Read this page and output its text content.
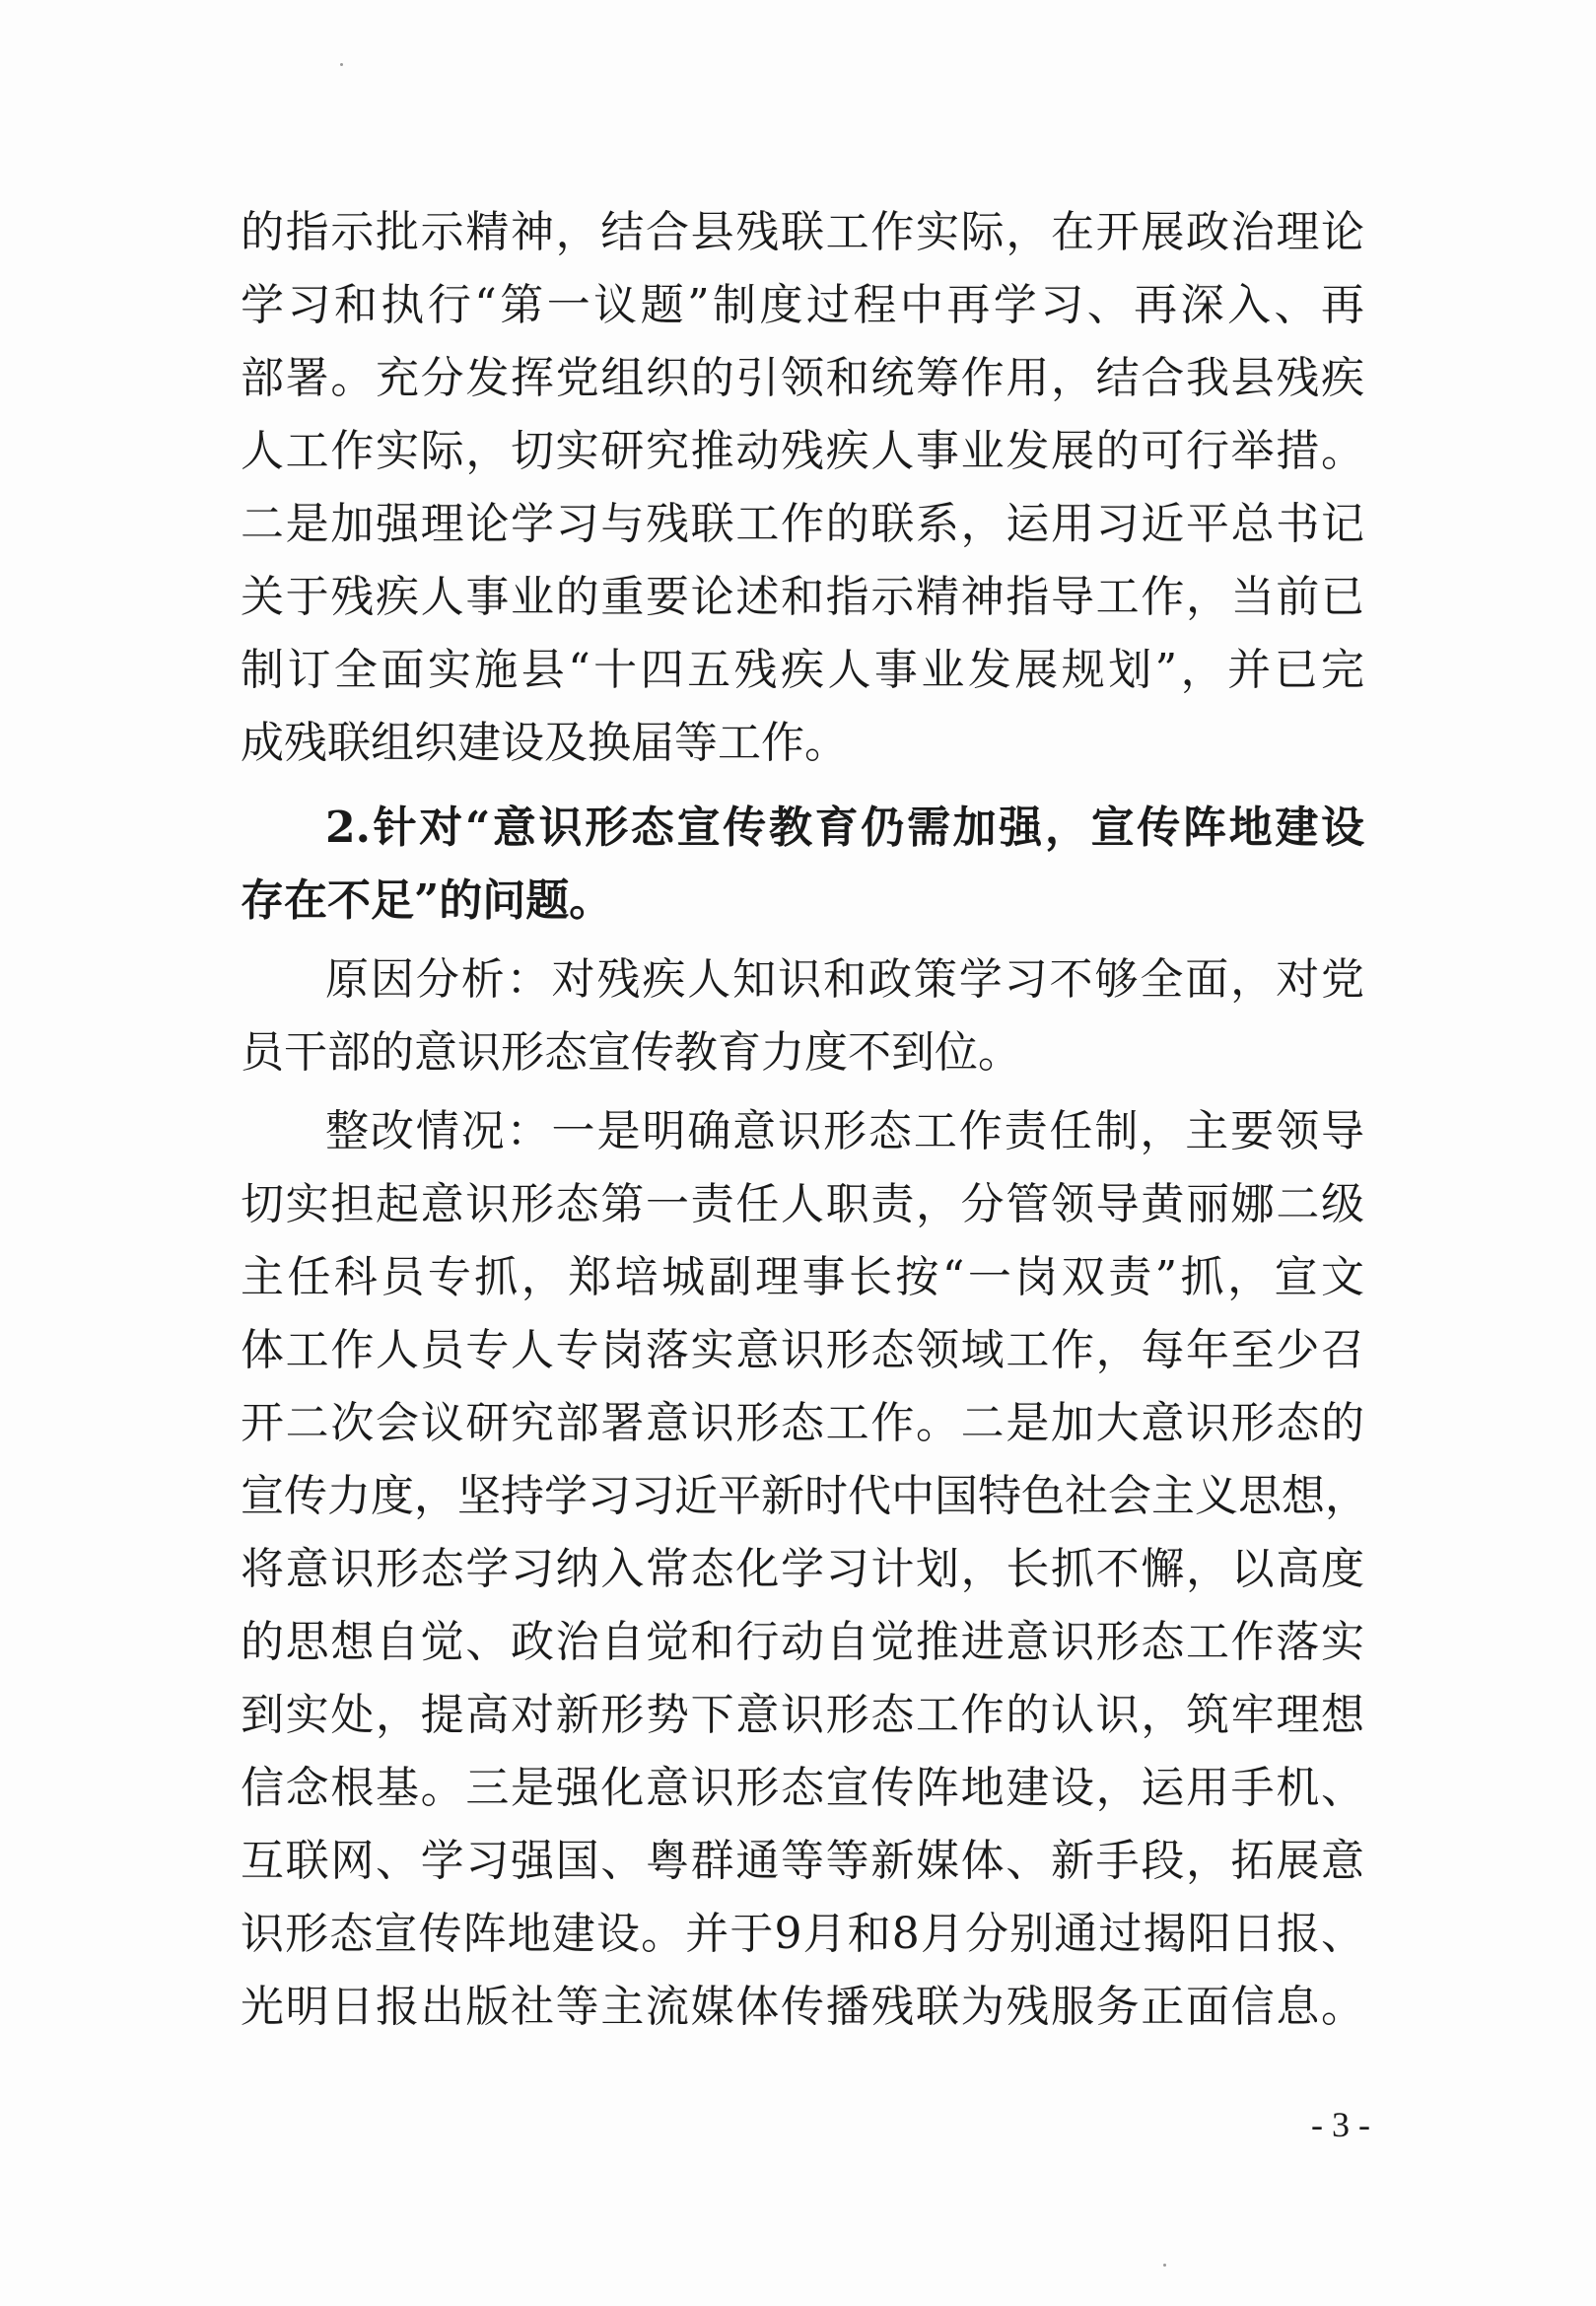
的指示批示精神，结合县残联工作实际，在开展政治理论
学习和执行“第一议题”制度过程中再学习、再深入、再
部署。充分发挥党组织的引领和统筹作用，结合我县残疾
人工作实际，切实研究推动残疾人事业发展的可行举措。
二是加强理论学习与残联工作的联系，运用习近平总书记
关于残疾人事业的重要论述和指示精神指导工作，当前已
制订全面实施县“十四五残疾人事业发展规划”，并已完
成残联组织建设及换届等工作。
2.针对“意识形态宣传教育仍需加强，宣传阵地建设
存在不足”的问题。
原因分析：对残疾人知识和政策学习不够全面，对党
员干部的意识形态宣传教育力度不到位。
整改情况：一是明确意识形态工作责任制，主要领导
切实担起意识形态第一责任人职责，分管领导黄丽娜二级
主任科员专抓，郑培城副理事长按“一岗双责”抓，宣文
体工作人员专人专岗落实意识形态领域工作，每年至少召
开二次会议研究部署意识形态工作。二是加大意识形态的
宣传力度，坚持学习习近平新时代中国特色社会主义思想，
将意识形态学习纳入常态化学习计划，长抓不懈，以高度
的思想自觉、政治自觉和行动自觉推进意识形态工作落实
到实处，提高对新形势下意识形态工作的认识，筑牢理想
信念根基。三是强化意识形态宣传阵地建设，运用手机、
互联网、学习强国、粤群通等等新媒体、新手段，拓展意
识形态宣传阵地建设。并于9月和8月分别通过揭阳日报、
光明日报出版社等主流媒体传播残联为残服务正面信息。
- 3 -
